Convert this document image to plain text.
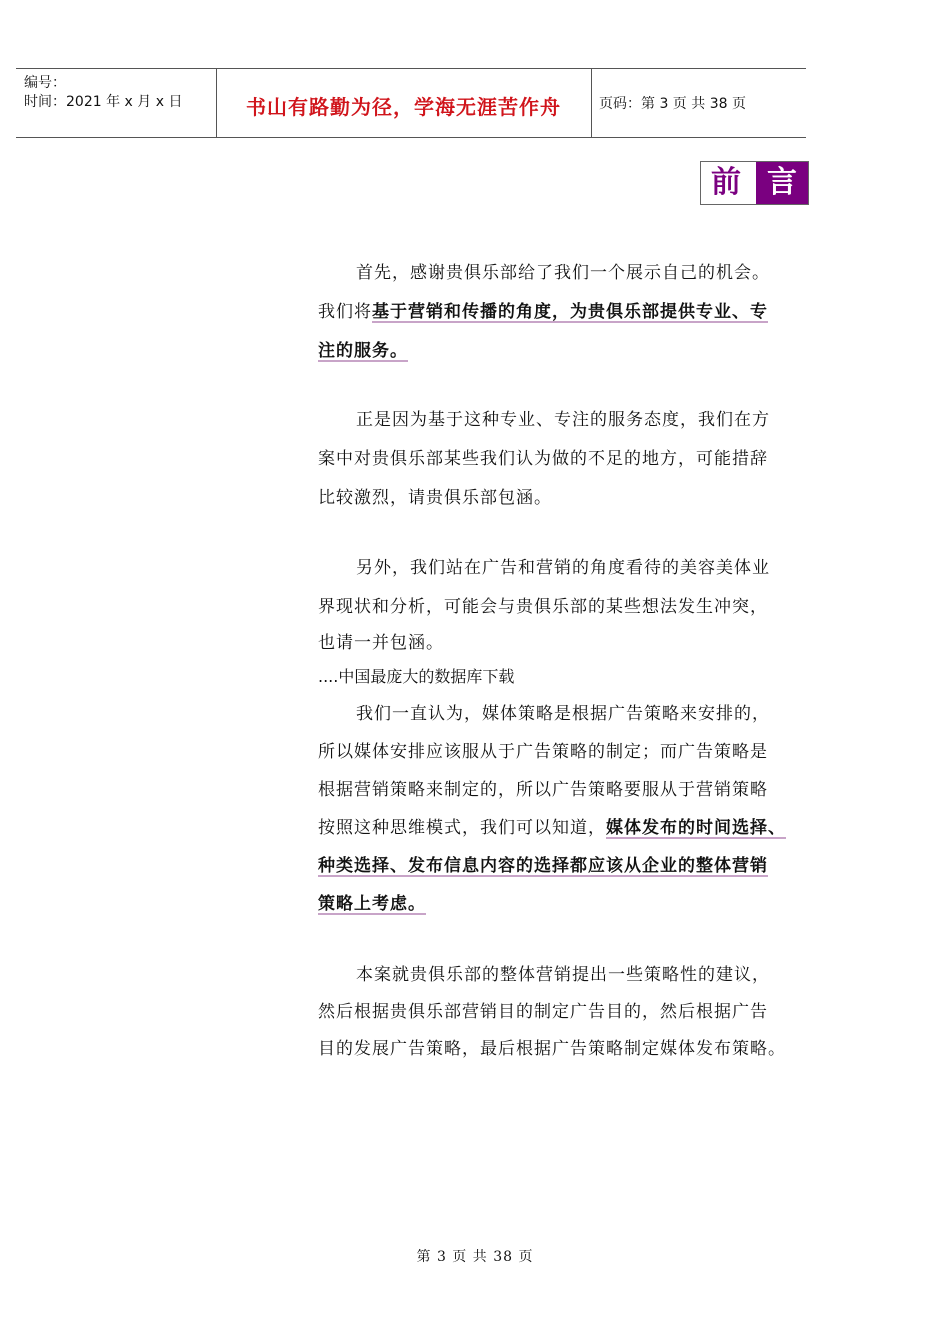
编号：
时间：2021 年 x 月 x 日	书山有路勤为径，学海无涯苦作舟	页码：第 3 页 共 38 页
前 言
首先，感谢贵俱乐部给了我们一个展示自己的机会。
我们将基于营销和传播的角度，为贵俱乐部提供专业、专
注的服务。
正是因为基于这种专业、专注的服务态度，我们在方
案中对贵俱乐部某些我们认为做的不足的地方，可能措辞
比较激烈，请贵俱乐部包涵。
另外，我们站在广告和营销的角度看待的美容美体业
界现状和分析，可能会与贵俱乐部的某些想法发生冲突，
也请一并包涵。
....中国最庞大的数据库下载
我们一直认为，媒体策略是根据广告策略来安排的，
所以媒体安排应该服从于广告策略的制定；而广告策略是
根据营销策略来制定的，所以广告策略要服从于营销策略
按照这种思维模式，我们可以知道，媒体发布的时间选择、
种类选择、发布信息内容的选择都应该从企业的整体营销
策略上考虑。
本案就贵俱乐部的整体营销提出一些策略性的建议，
然后根据贵俱乐部营销目的制定广告目的，然后根据广告
目的发展广告策略，最后根据广告策略制定媒体发布策略。
第 3 页 共 38 页
